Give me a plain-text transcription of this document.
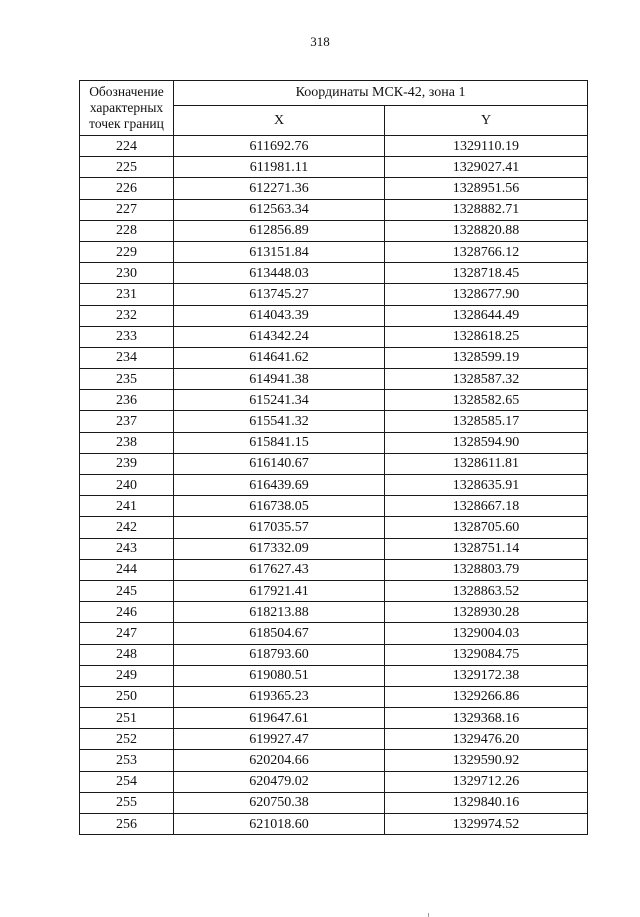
318
Обозначение характерных точек границ	Координаты МСК-42, зона 1	
	X	Y
224	611692.76	1329110.19
225	611981.11	1329027.41
226	612271.36	1328951.56
227	612563.34	1328882.71
228	612856.89	1328820.88
229	613151.84	1328766.12
230	613448.03	1328718.45
231	613745.27	1328677.90
232	614043.39	1328644.49
233	614342.24	1328618.25
234	614641.62	1328599.19
235	614941.38	1328587.32
236	615241.34	1328582.65
237	615541.32	1328585.17
238	615841.15	1328594.90
239	616140.67	1328611.81
240	616439.69	1328635.91
241	616738.05	1328667.18
242	617035.57	1328705.60
243	617332.09	1328751.14
244	617627.43	1328803.79
245	617921.41	1328863.52
246	618213.88	1328930.28
247	618504.67	1329004.03
248	618793.60	1329084.75
249	619080.51	1329172.38
250	619365.23	1329266.86
251	619647.61	1329368.16
252	619927.47	1329476.20
253	620204.66	1329590.92
254	620479.02	1329712.26
255	620750.38	1329840.16
256	621018.60	1329974.52
